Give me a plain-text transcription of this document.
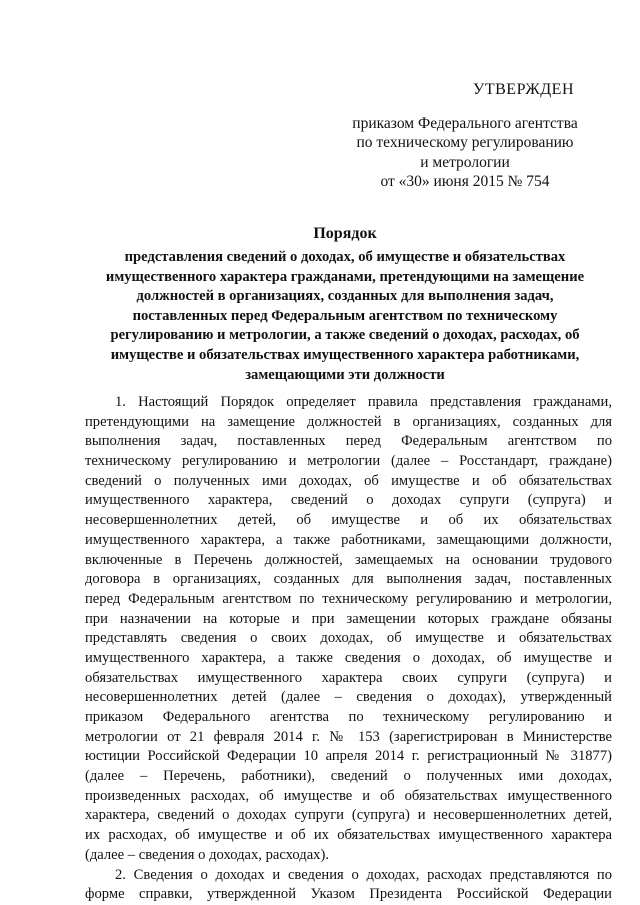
УТВЕРЖДЕН
приказом Федерального агентства
по техническому регулированию
и метрологии
от «30» июня 2015 № 754
Порядок
представления сведений о доходах, об имуществе и обязательствах
имущественного характера гражданами, претендующими на замещение
должностей в организациях, созданных для выполнения задач,
поставленных перед Федеральным агентством по техническому
регулированию и метрологии, а также сведений о доходах, расходах, об
имуществе и обязательствах имущественного характера работниками,
замещающими эти должности
1. Настоящий Порядок определяет правила представления гражданами,
претендующими на замещение должностей в организациях, созданных для
выполнения задач, поставленных перед Федеральным агентством по
техническому регулированию и метрологии (далее – Росстандарт, граждане)
сведений о полученных ими доходах, об имуществе и об обязательствах
имущественного характера, сведений о доходах супруги (супруга) и
несовершеннолетних детей, об имуществе и об их обязательствах
имущественного характера, а также работниками, замещающими должности,
включенные в Перечень должностей, замещаемых на основании трудового
договора в организациях, созданных для выполнения задач, поставленных
перед Федеральным агентством по техническому регулированию и метрологии,
при назначении на которые и при замещении которых граждане обязаны
представлять сведения о своих доходах, об имуществе и обязательствах
имущественного характера, а также сведения о доходах, об имуществе и
обязательствах имущественного характера своих супруги (супруга) и
несовершеннолетних детей (далее – сведения о доходах), утвержденный
приказом Федерального агентства по техническому регулированию и
метрологии от 21 февраля 2014 г. № 153 (зарегистрирован в Министерстве
юстиции Российской Федерации 10 апреля 2014 г. регистрационный № 31877)
(далее – Перечень, работники), сведений о полученных ими доходах,
произведенных расходах, об имуществе и об обязательствах имущественного
характера, сведений о доходах супруги (супруга) и несовершеннолетних детей,
их расходах, об имуществе и об их обязательствах имущественного характера
(далее – сведения о доходах, расходах).
2. Сведения о доходах и сведения о доходах, расходах представляются по
форме справки, утвержденной Указом Президента Российской Федерации
